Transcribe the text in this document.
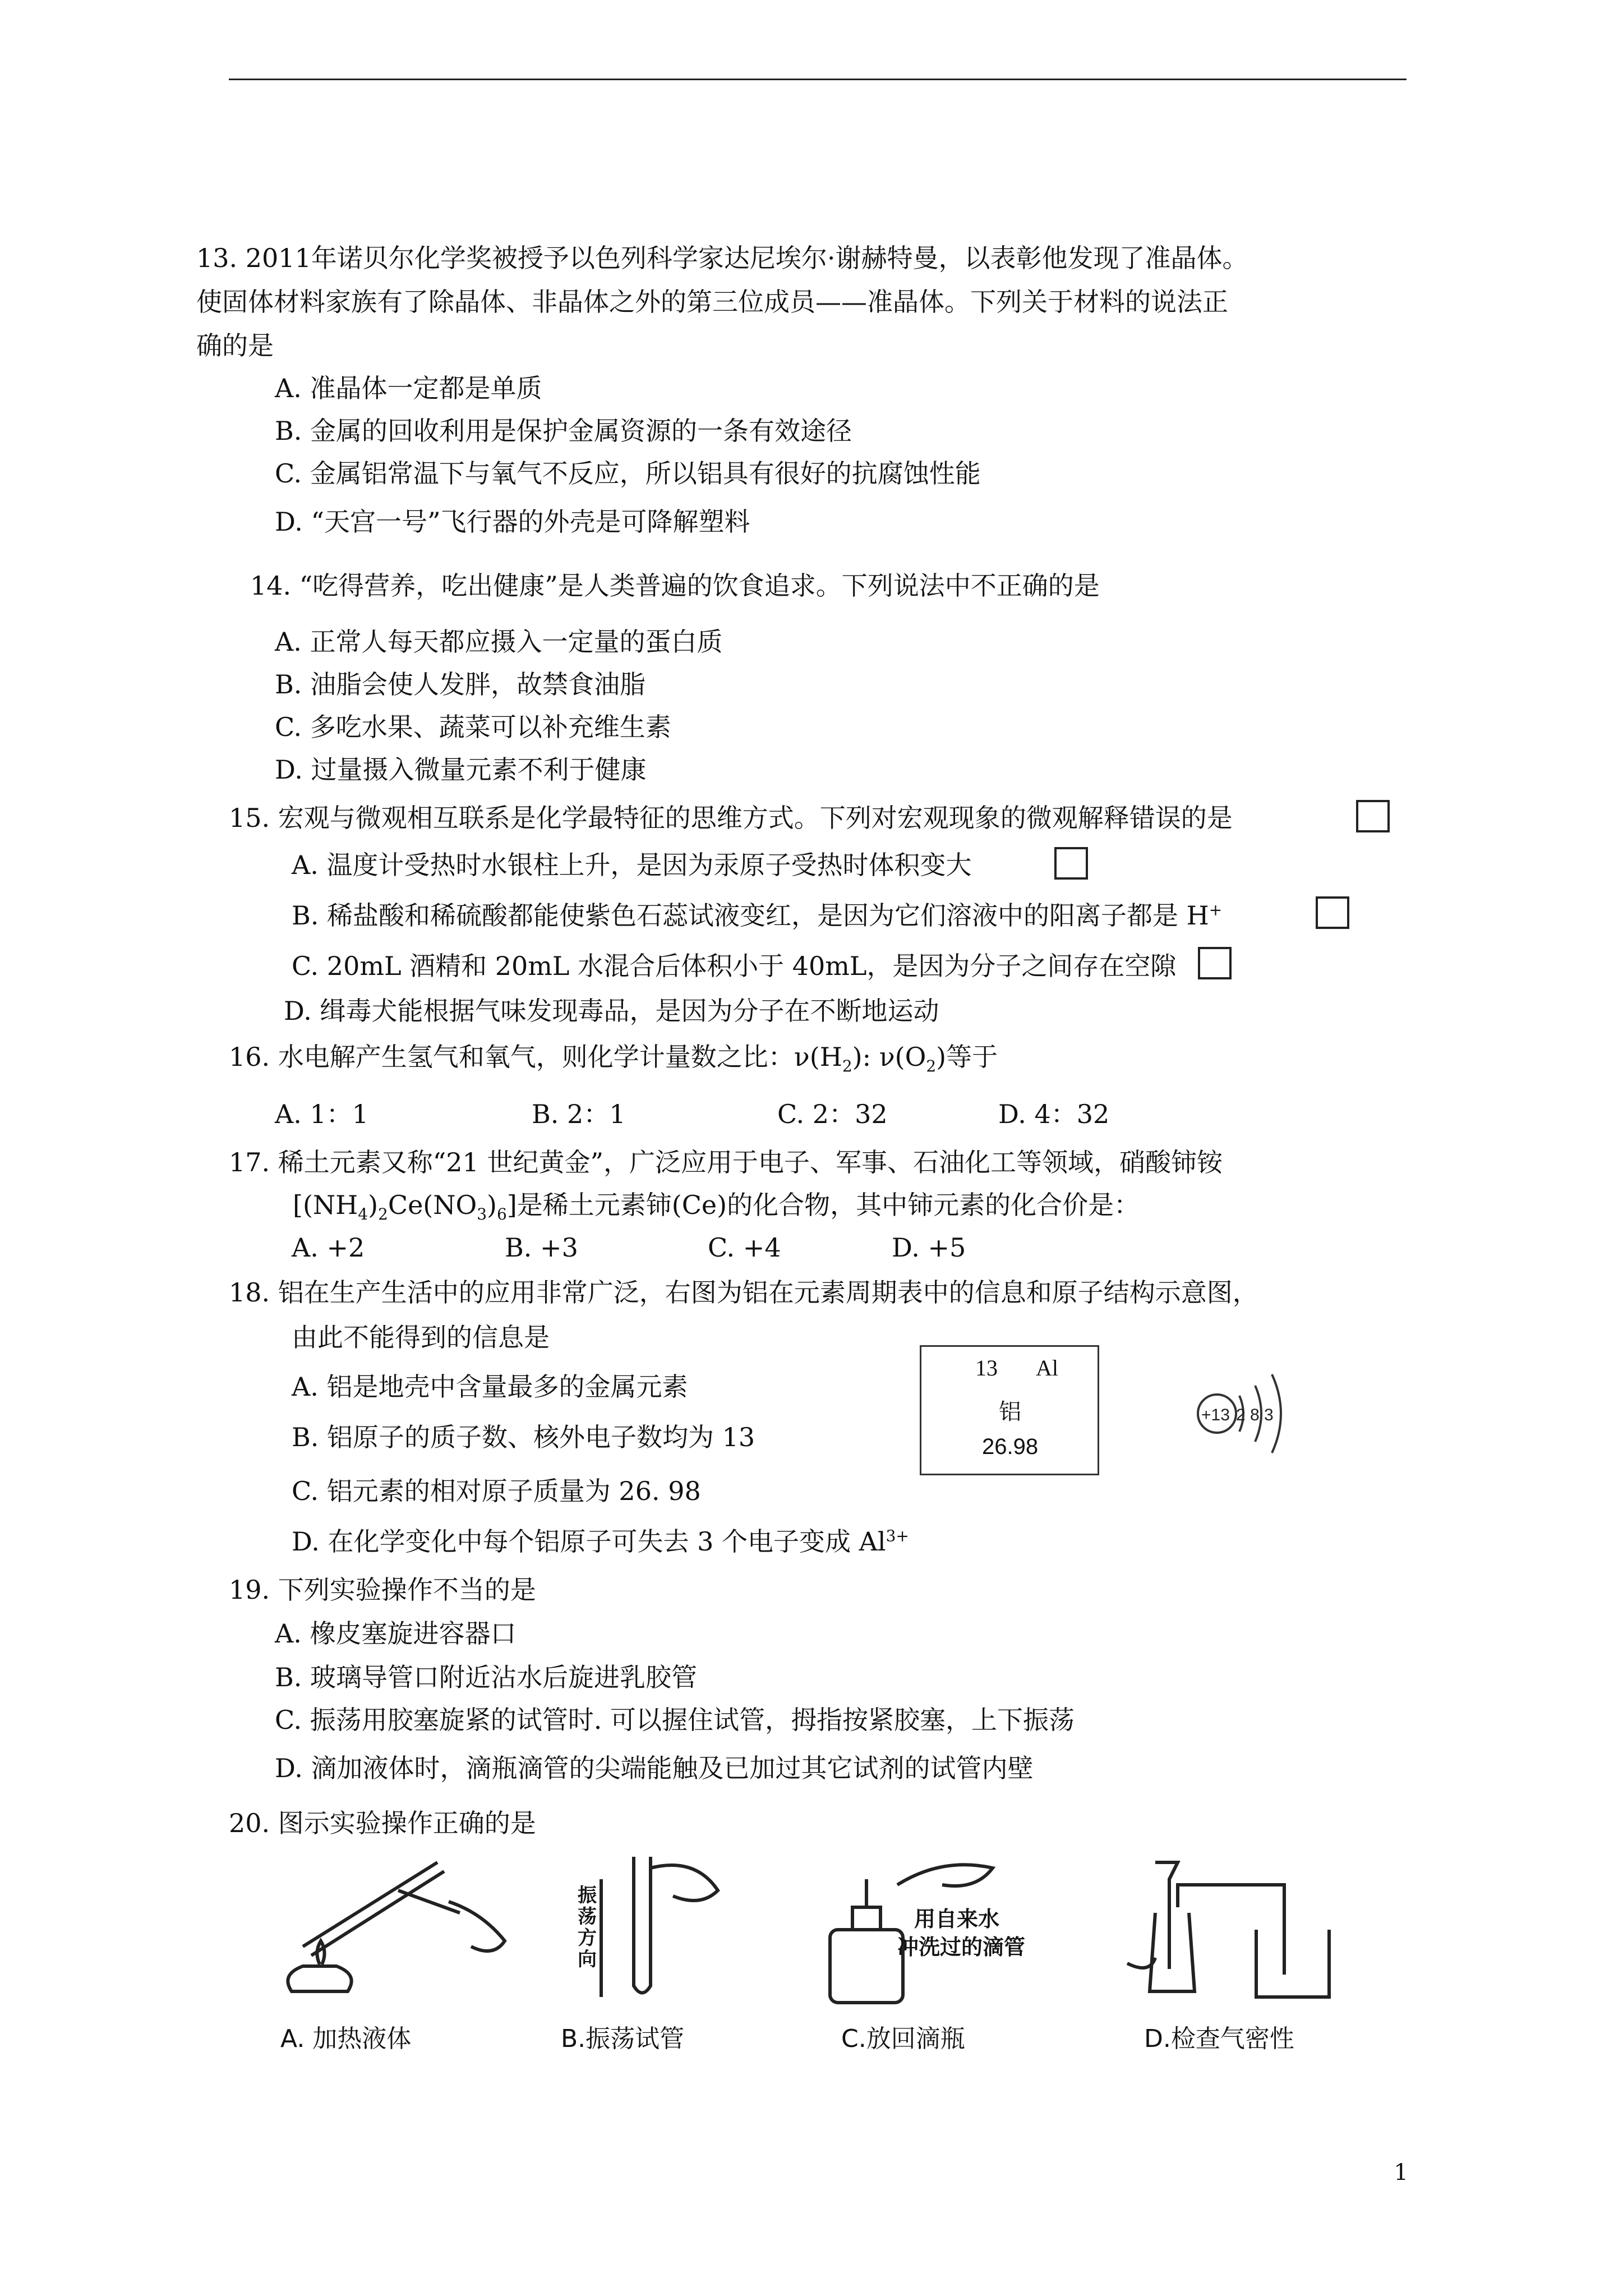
13. 2011年诺贝尔化学奖被授予以色列科学家达尼埃尔·谢赫特曼，以表彰他发现了准晶体。
使固体材料家族有了除晶体、非晶体之外的第三位成员——准晶体。下列关于材料的说法正
确的是
A. 准晶体一定都是单质
B. 金属的回收利用是保护金属资源的一条有效途径
C. 金属铝常温下与氧气不反应，所以铝具有很好的抗腐蚀性能
D. “天宫一号”飞行器的外壳是可降解塑料
14. “吃得营养，吃出健康”是人类普遍的饮食追求。下列说法中不正确的是
A. 正常人每天都应摄入一定量的蛋白质
B. 油脂会使人发胖，故禁食油脂
C. 多吃水果、蔬菜可以补充维生素
D. 过量摄入微量元素不利于健康
15. 宏观与微观相互联系是化学最特征的思维方式。下列对宏观现象的微观解释错误的是
A. 温度计受热时水银柱上升，是因为汞原子受热时体积变大
B. 稀盐酸和稀硫酸都能使紫色石蕊试液变红，是因为它们溶液中的阳离子都是 H+
C. 20mL 酒精和 20mL 水混合后体积小于 40mL，是因为分子之间存在空隙
D. 缉毒犬能根据气味发现毒品，是因为分子在不断地运动
16. 水电解产生氢气和氧气，则化学计量数之比：$\nu(H_2)$: $\nu(O_2)$等于
A. 1：1	B. 2：1	C. 2：32	D. 4：32
17. 稀土元素又称“21 世纪黄金”，广泛应用于电子、军事、石油化工等领域，硝酸铈铵
$[(NH_4)_2Ce(NO_3)_6]$是稀土元素铈(Ce)的化合物，其中铈元素的化合价是：
A. +2	B. +3	C. +4	D. +5
18. 铝在生产生活中的应用非常广泛，右图为铝在元素周期表中的信息和原子结构示意图，
由此不能得到的信息是
A. 铝是地壳中含量最多的金属元素
B. 铝原子的质子数、核外电子数均为 13
C. 铝元素的相对原子质量为 26. 98
D. 在化学变化中每个铝原子可失去 3 个电子变成 $Al^{3+}$
13 Al
铝
26.98
+13 2 8 3
19. 下列实验操作不当的是
A. 橡皮塞旋进容器口
B. 玻璃导管口附近沾水后旋进乳胶管
C. 振荡用胶塞旋紧的试管时. 可以握住试管，拇指按紧胶塞，上下振荡
D. 滴加液体时，滴瓶滴管的尖端能触及已加过其它试剂的试管内壁
20. 图示实验操作正确的是
A. 加热液体
振荡方向
B.振荡试管
用自来水
冲洗过的滴管
C.放回滴瓶	D.检查气密性
1
